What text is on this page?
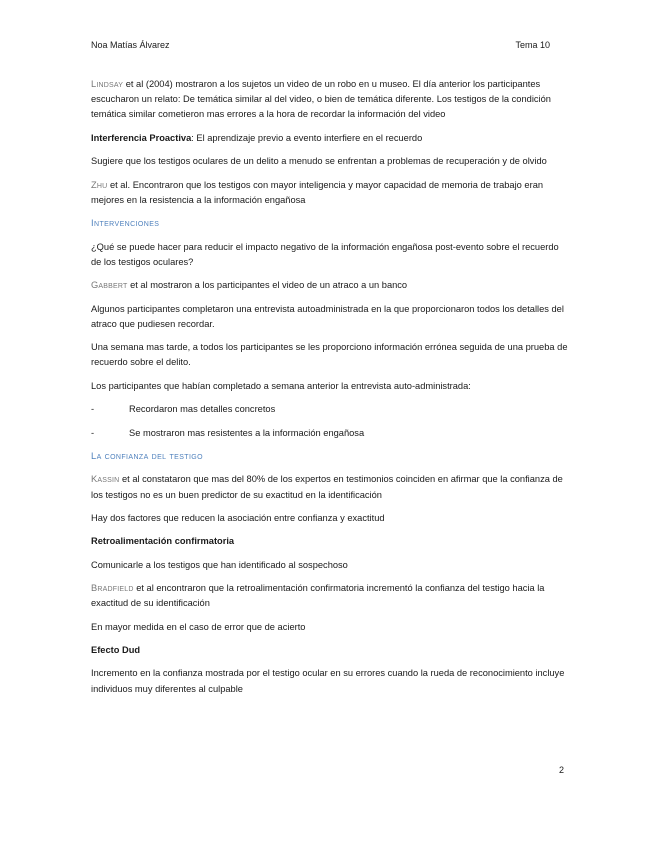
Noa Matías Álvarez	Tema 10

Lindsay et al (2004) mostraron a los sujetos un video de un robo en u museo. El día anterior los participantes escucharon un relato: De temática similar al del video, o bien de temática diferente. Los testigos de la condición temática similar cometieron mas errores a la hora de recordar la información del video

Interferencia Proactiva: El aprendizaje previo a evento interfiere en el recuerdo

Sugiere que los testigos oculares de un delito a menudo se enfrentan a problemas de recuperación y de olvido

Zhu et al. Encontraron que los testigos con mayor inteligencia y mayor capacidad de memoria de trabajo eran mejores en la resistencia a la información engañosa

Intervenciones

¿Qué se puede hacer para reducir el impacto negativo de la información engañosa post-evento sobre el recuerdo de los testigos oculares?

Gabbert et al mostraron a los participantes el video de un atraco a un banco

Algunos participantes completaron una entrevista autoadministrada en la que proporcionaron todos los detalles del atraco que pudiesen recordar.

Una semana mas tarde, a todos los participantes se les proporciono información errónea seguida de una prueba de recuerdo sobre el delito.

Los participantes que habían completado a semana anterior la entrevista auto-administrada:

-	Recordaron mas detalles concretos
-	Se mostraron mas resistentes a la información engañosa
La confianza del testigo

Kassin et al constataron que mas del 80% de los expertos en testimonios coinciden en afirmar que la confianza de los testigos no es un buen predictor de su exactitud en la identificación

Hay dos factores que reducen la asociación entre confianza y exactitud

Retroalimentación confirmatoria

Comunicarle a los testigos que han identificado al sospechoso

Bradfield et al encontraron que la retroalimentación confirmatoria incrementó la confianza del testigo hacia la exactitud de su identificación

En mayor medida en el caso de error que de acierto

Efecto Dud

Incremento en la confianza mostrada por el testigo ocular en su errores cuando la rueda de reconocimiento incluye individuos muy diferentes al culpable

2
